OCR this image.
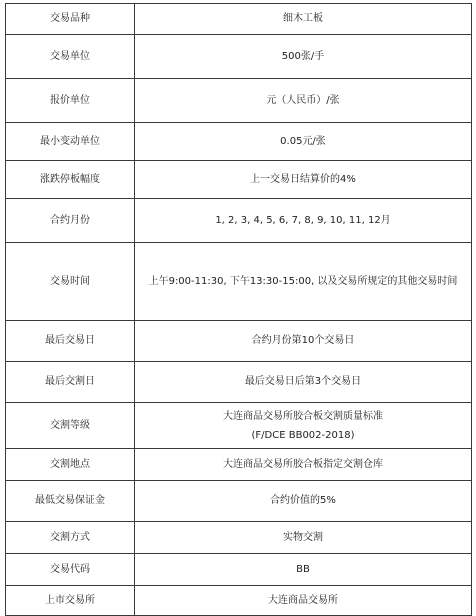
交易品种	细木工板
交易单位	500张/手
报价单位	元（人民币）/张
最小变动单位	0.05元/张
涨跌停板幅度	上一交易日结算价的4%
合约月份	1, 2, 3, 4, 5, 6, 7, 8, 9, 10, 11, 12月
交易时间	上午9:00-11:30, 下午13:30-15:00, 以及交易所规定的其他交易时间
最后交易日	合约月份第10个交易日
最后交割日	最后交易日后第3个交易日
交割等级	大连商品交易所胶合板交割质量标准
(F/DCE BB002-2018)

交割地点	大连商品交易所胶合板指定交割仓库
最低交易保证金	合约价值的5%
交割方式	实物交割
交易代码	BB
上市交易所	大连商品交易所
